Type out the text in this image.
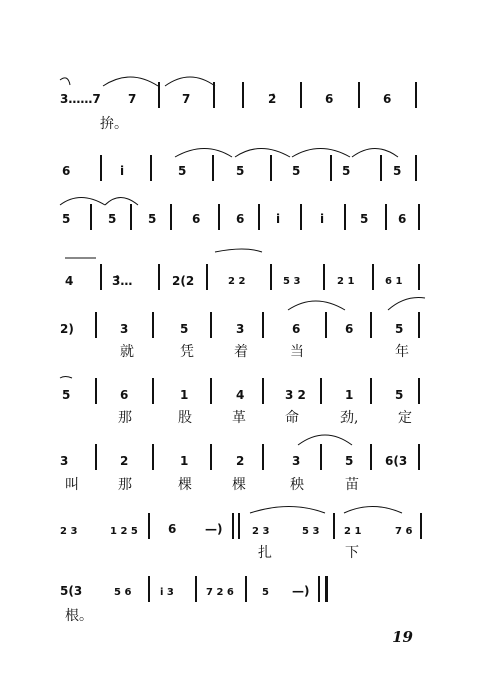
3……7 7	7	2̇	6	6
拚。
6	i	5	5	5	5	5
5	5	5	6	6	i	i	5 6
4	3̂…	2(2	2 2	5 3	2 1	6 1
2)	3	5	3	6	6	5
就	凭	着	当	年
5	6	1	4	3 2	1	5
那	股	革	命	劲,	定
3	2	1	2	3	5	6(3
叫	那	棵	棵	秧	苗
2 3	1 2 5	6 —)	2 3	5 3 2 1	7 6
扎	下
5(3	5 6	i 3	7 2 6	5 —)
根。
19
